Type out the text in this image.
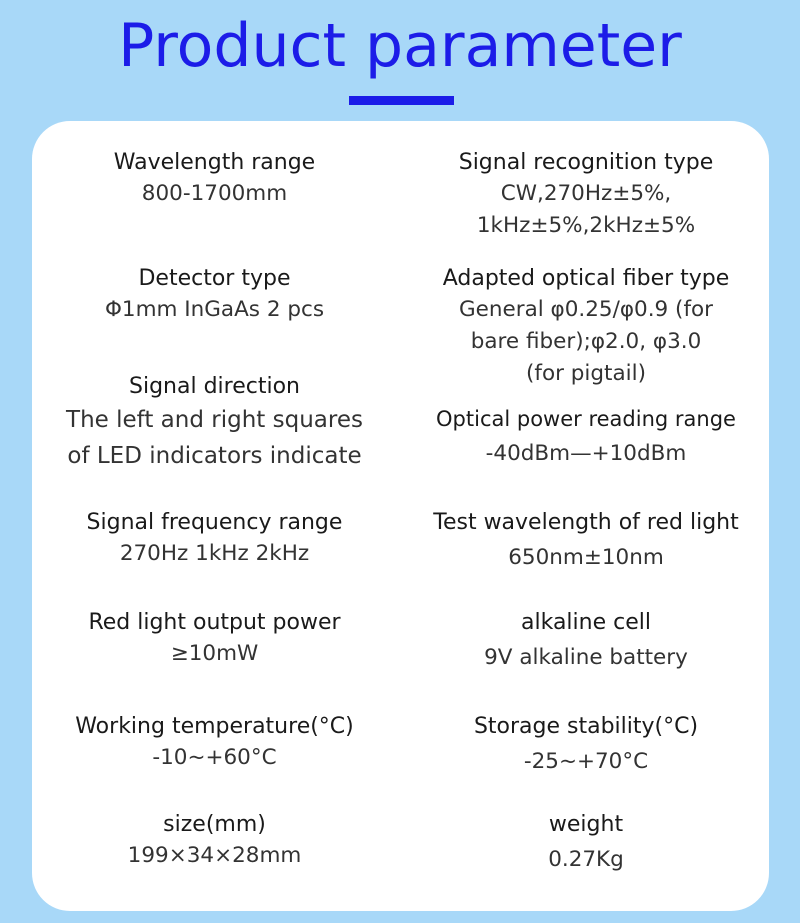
Product parameter
Wavelength range
800-1700mm
Detector type
Φ1mm InGaAs 2 pcs
Signal direction
The left and right squares
of LED indicators indicate
Signal frequency range
270Hz 1kHz 2kHz
Red light output power
≥10mW
Working temperature(°C)
-10~+60°C
size(mm)
199×34×28mm
Signal recognition type
CW,270Hz±5%,
1kHz±5%,2kHz±5%
Adapted optical fiber type
General φ0.25/φ0.9 (for
bare fiber);φ2.0, φ3.0
(for pigtail)
Optical power reading range
-40dBm—+10dBm
Test wavelength of red light
650nm±10nm
alkaline cell
9V alkaline battery
Storage stability(°C)
-25~+70°C
weight
0.27Kg
